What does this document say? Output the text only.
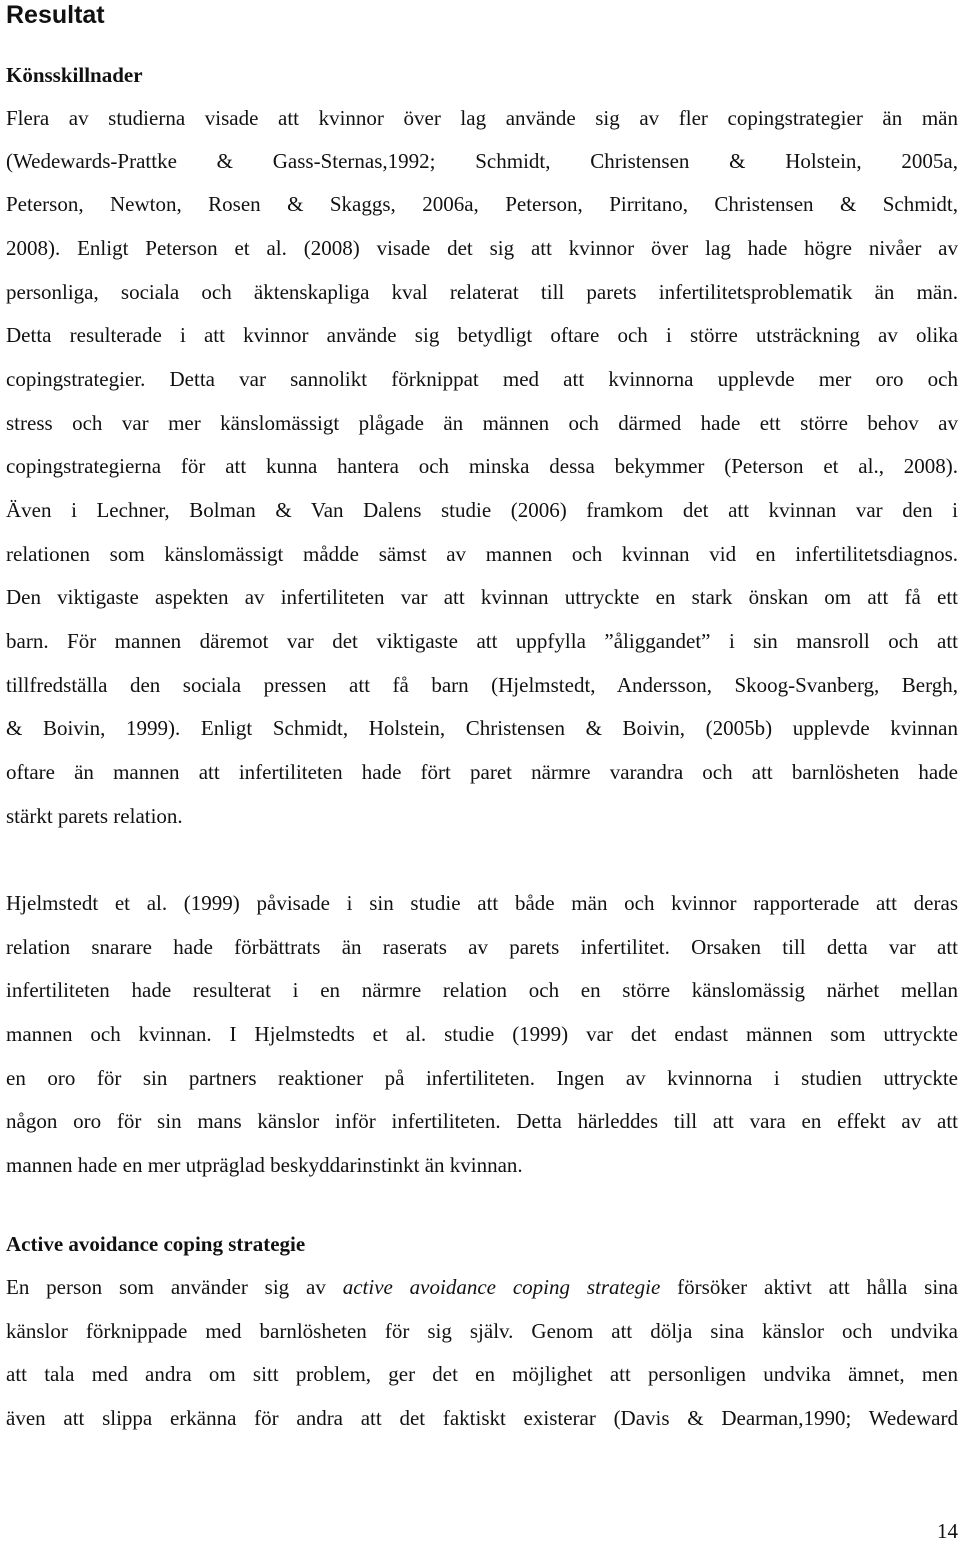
Resultat
Könsskillnader
Flera av studierna visade att kvinnor över lag använde sig av fler copingstrategier än män
(Wedewards-Prattke & Gass-Sternas,1992; Schmidt, Christensen & Holstein, 2005a,
Peterson, Newton, Rosen & Skaggs, 2006a, Peterson, Pirritano, Christensen & Schmidt,
2008). Enligt Peterson et al. (2008) visade det sig att kvinnor över lag hade högre nivåer av
personliga, sociala och äktenskapliga kval relaterat till parets infertilitetsproblematik än män.
Detta resulterade i att kvinnor använde sig betydligt oftare och i större utsträckning av olika
copingstrategier. Detta var sannolikt förknippat med att kvinnorna upplevde mer oro och
stress och var mer känslomässigt plågade än männen och därmed hade ett större behov av
copingstrategierna för att kunna hantera och minska dessa bekymmer (Peterson et al., 2008).
Även i Lechner, Bolman & Van Dalens studie (2006) framkom det att kvinnan var den i
relationen som känslomässigt mådde sämst av mannen och kvinnan vid en infertilitetsdiagnos.
Den viktigaste aspekten av infertiliteten var att kvinnan uttryckte en stark önskan om att få ett
barn. För mannen däremot var det viktigaste att uppfylla ”åliggandet” i sin mansroll och att
tillfredställa den sociala pressen att få barn (Hjelmstedt, Andersson, Skoog-Svanberg, Bergh,
& Boivin, 1999). Enligt Schmidt, Holstein, Christensen & Boivin, (2005b) upplevde kvinnan
oftare än mannen att infertiliteten hade fört paret närmre varandra och att barnlösheten hade
stärkt parets relation.
Hjelmstedt et al. (1999) påvisade i sin studie att både män och kvinnor rapporterade att deras
relation snarare hade förbättrats än raserats av parets infertilitet. Orsaken till detta var att
infertiliteten hade resulterat i en närmre relation och en större känslomässig närhet mellan
mannen och kvinnan. I Hjelmstedts et al. studie (1999) var det endast männen som uttryckte
en oro för sin partners reaktioner på infertiliteten. Ingen av kvinnorna i studien uttryckte
någon oro för sin mans känslor inför infertiliteten. Detta härleddes till att vara en effekt av att
mannen hade en mer utpräglad beskyddarinstinkt än kvinnan.
Active avoidance coping strategie
En person som använder sig av active avoidance coping strategie försöker aktivt att hålla sina
känslor förknippade med barnlösheten för sig själv. Genom att dölja sina känslor och undvika
att tala med andra om sitt problem, ger det en möjlighet att personligen undvika ämnet, men
även att slippa erkänna för andra att det faktiskt existerar (Davis & Dearman,1990; Wedeward
14
